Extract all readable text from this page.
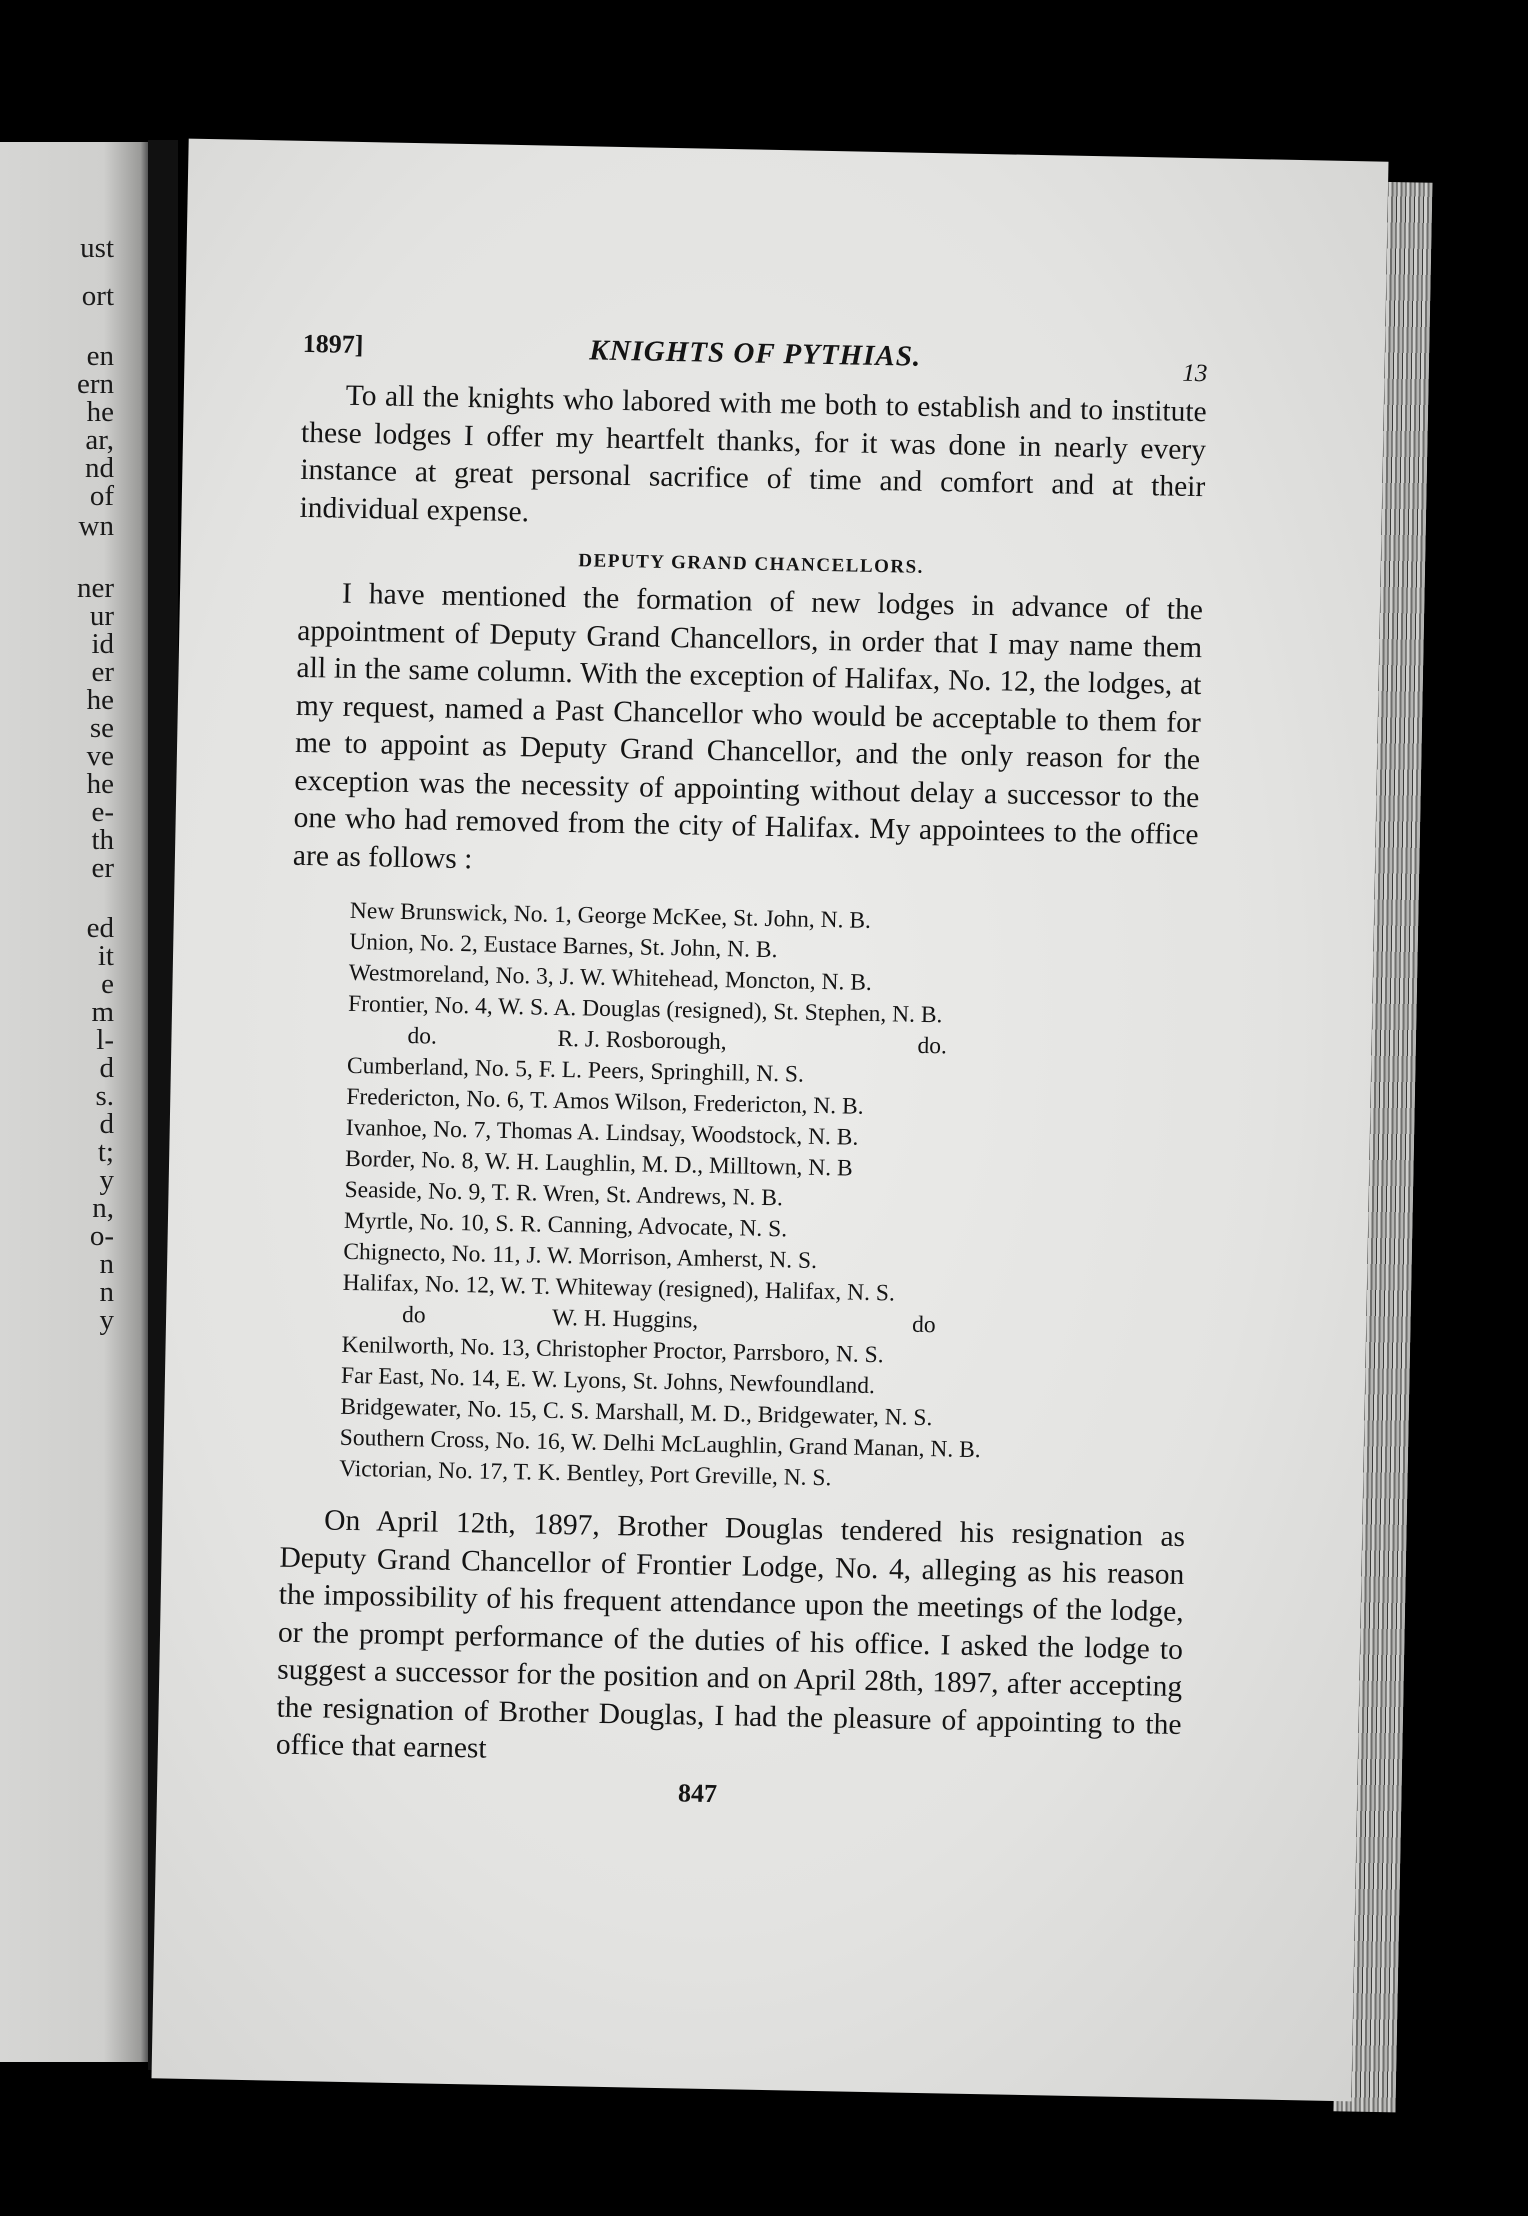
ust
ort
en
ern
he
ar,
nd
of
wn
ner
ur
id
er
he
se
ve
he
e-
th
er
ed
it
e
m
l-
d
s.
d
t;
y
n,
o-
n
n
y
1897]	KNIGHTS OF PYTHIAS.
13

To all the knights who labored with me both to establish and to institute these lodges I offer my heartfelt thanks, for it was done in nearly every instance at great personal sacrifice of time and comfort and at their individual expense.

DEPUTY GRAND CHANCELLORS.

I have mentioned the formation of new lodges in advance of the appointment of Deputy Grand Chancellors, in order that I may name them all in the same column. With the exception of Halifax, No. 12, the lodges, at my request, named a Past Chancellor who would be acceptable to them for me to appoint as Deputy Grand Chancellor, and the only reason for the exception was the necessity of appointing without delay a successor to the one who had removed from the city of Halifax. My appointees to the office are as follows :

New Brunswick, No. 1, George McKee, St. John, N. B.
Union, No. 2, Eustace Barnes, St. John, N. B.
Westmoreland, No. 3, J. W. Whitehead, Moncton, N. B.
Frontier, No. 4, W. S. A. Douglas (resigned), St. Stephen, N. B.
do.	R. J. Rosborough,	do.
Cumberland, No. 5, F. L. Peers, Springhill, N. S.
Fredericton, No. 6, T. Amos Wilson, Fredericton, N. B.
Ivanhoe, No. 7, Thomas A. Lindsay, Woodstock, N. B.
Border, No. 8, W. H. Laughlin, M. D., Milltown, N. B
Seaside, No. 9, T. R. Wren, St. Andrews, N. B.
Myrtle, No. 10, S. R. Canning, Advocate, N. S.
Chignecto, No. 11, J. W. Morrison, Amherst, N. S.
Halifax, No. 12, W. T. Whiteway (resigned), Halifax, N. S.
do	W. H. Huggins,	do
Kenilworth, No. 13, Christopher Proctor, Parrsboro, N. S.
Far East, No. 14, E. W. Lyons, St. Johns, Newfoundland.
Bridgewater, No. 15, C. S. Marshall, M. D., Bridgewater, N. S.
Southern Cross, No. 16, W. Delhi McLaughlin, Grand Manan, N. B.
Victorian, No. 17, T. K. Bentley, Port Greville, N. S.

On April 12th, 1897, Brother Douglas tendered his resignation as Deputy Grand Chancellor of Frontier Lodge, No. 4, alleging as his reason the impossibility of his frequent attendance upon the meetings of the lodge, or the prompt performance of the duties of his office. I asked the lodge to suggest a successor for the position and on April 28th, 1897, after accepting the resignation of Brother Douglas, I had the pleasure of appointing to the office that earnest

847
